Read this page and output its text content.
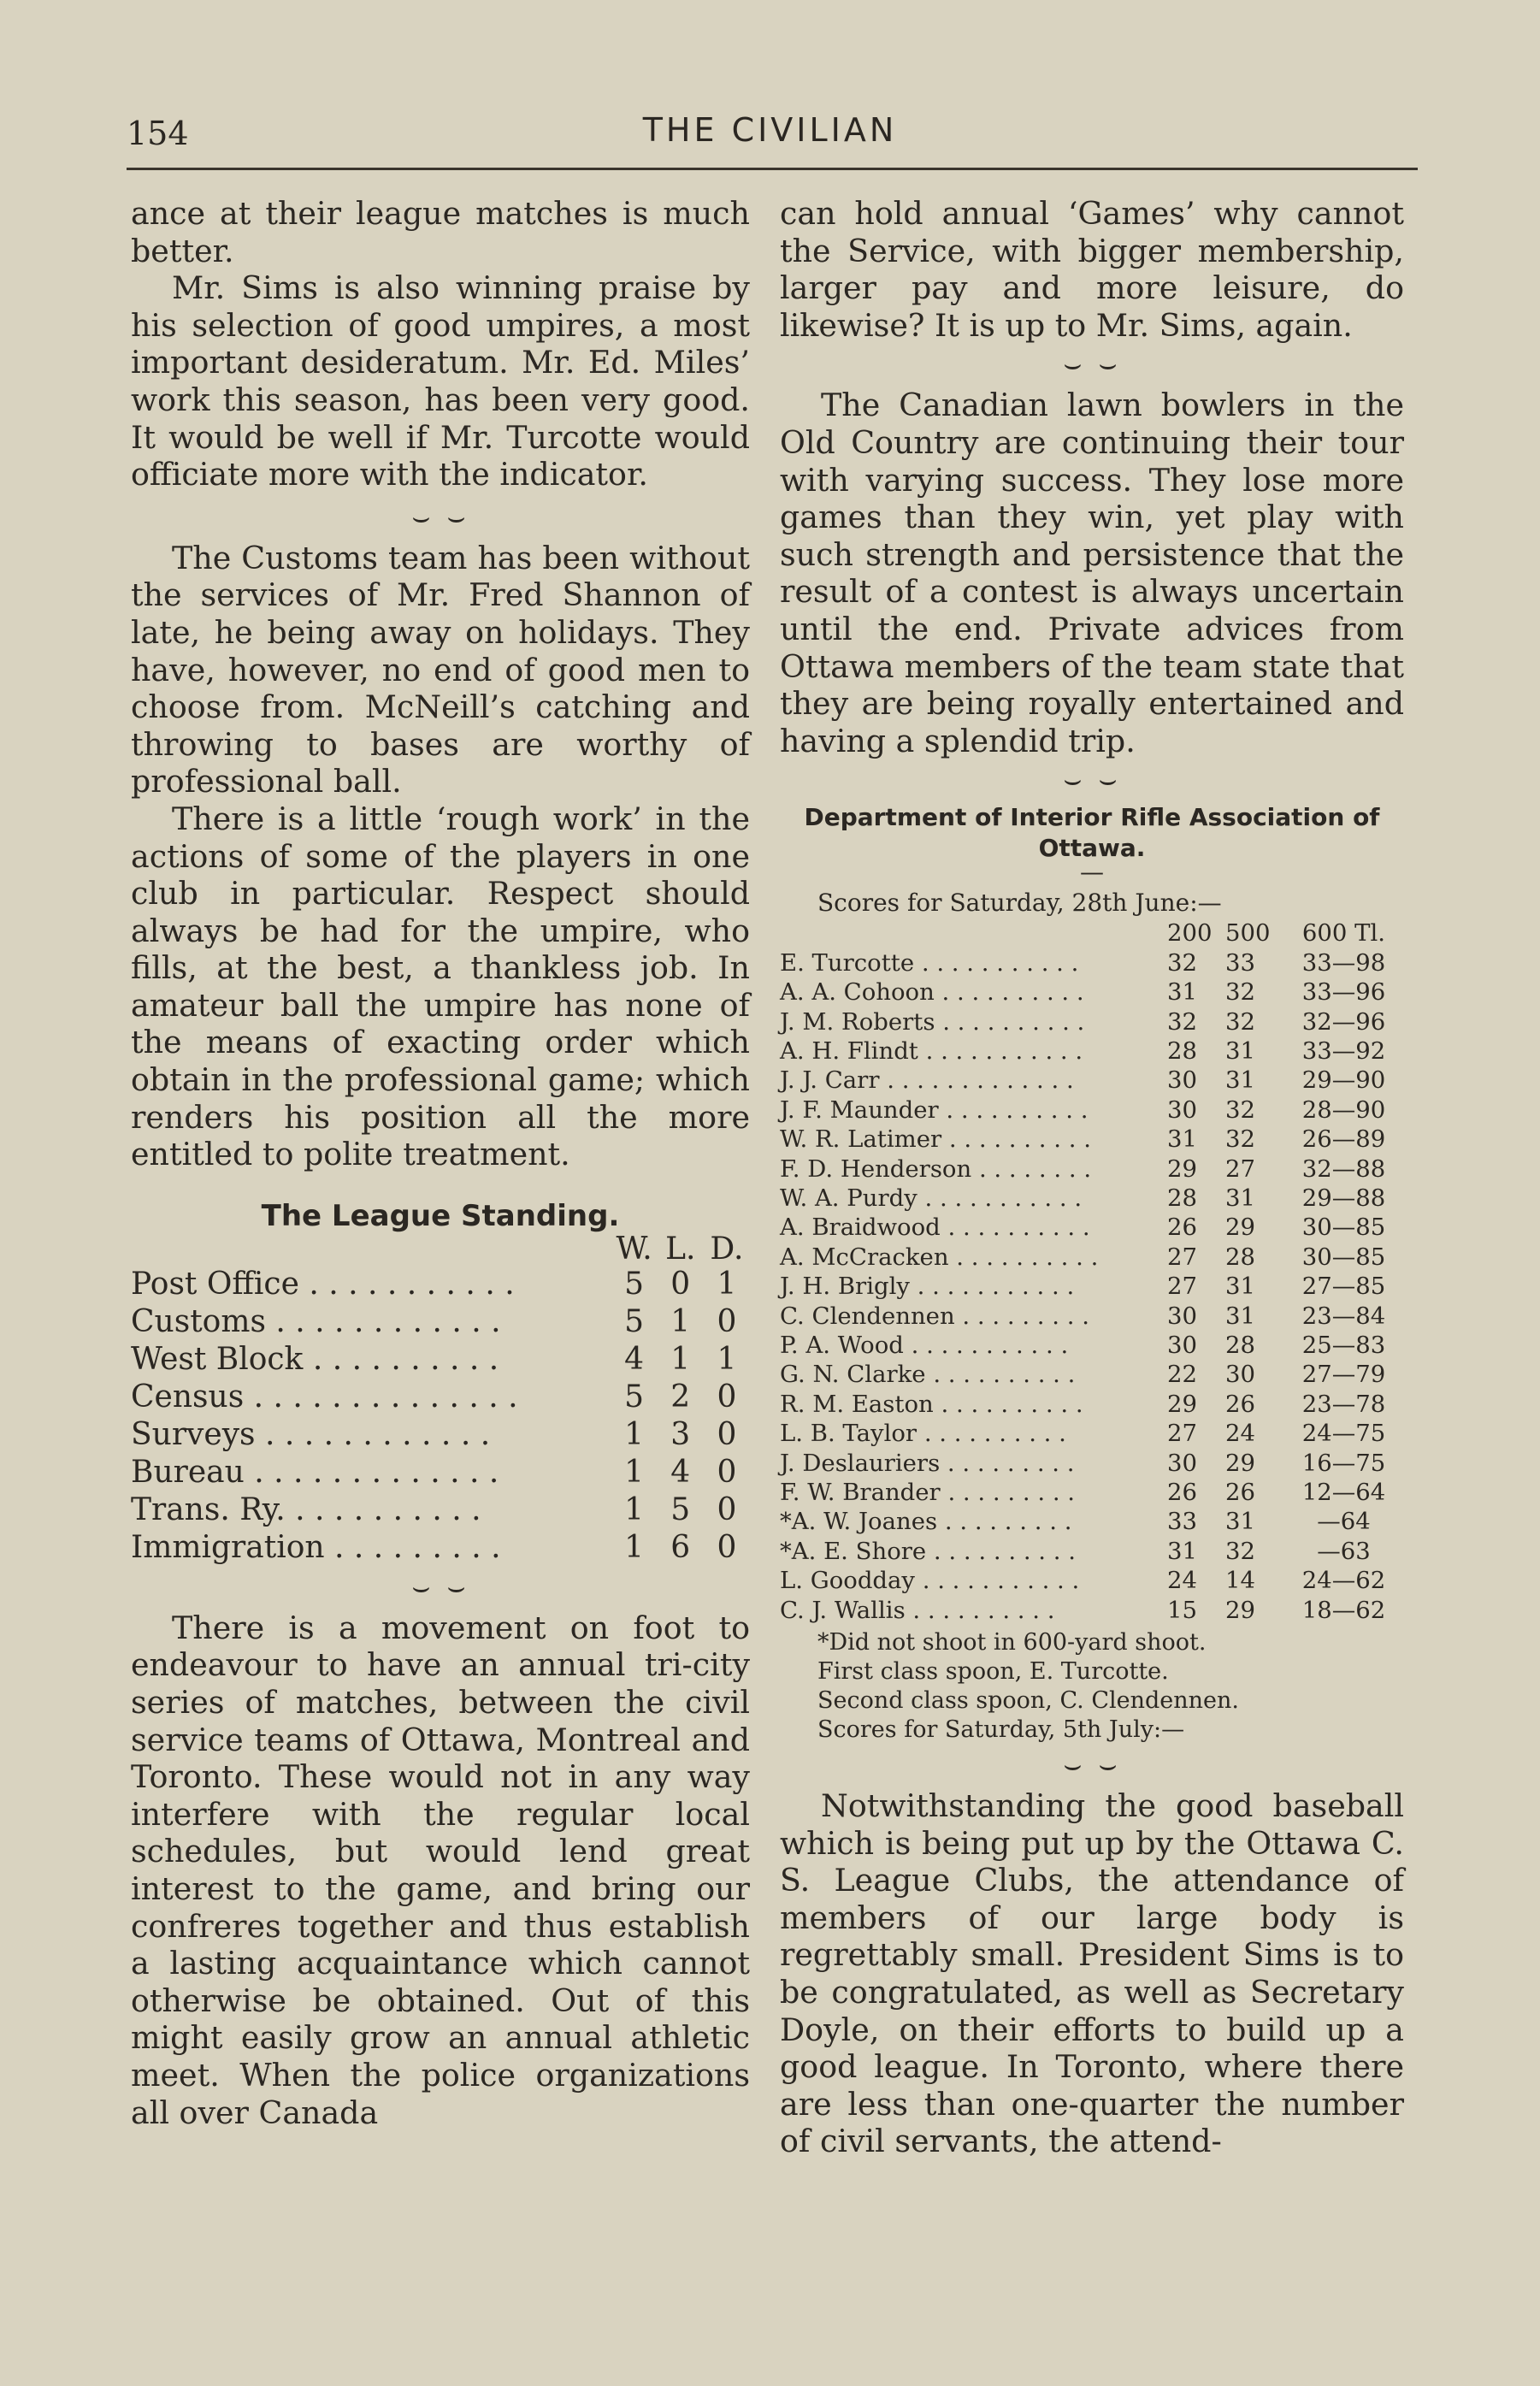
154	THE CIVILIAN

ance at their league matches is much better.

Mr. Sims is also winning praise by his selection of good umpires, a most important desideratum. Mr. Ed. Miles’ work this season, has been very good. It would be well if Mr. Turcotte would officiate more with the indicator.

⌣ ⌣

The Customs team has been without the services of Mr. Fred Shannon of late, he being away on holidays. They have, however, no end of good men to choose from. McNeill’s catching and throwing to bases are worthy of professional ball.

There is a little ‘rough work’ in the actions of some of the players in one club in particular. Respect should always be had for the umpire, who fills, at the best, a thankless job. In amateur ball the umpire has none of the means of exacting order which obtain in the professional game; which renders his position all the more entitled to polite treatment.

The League Standing.
	W.	L.	D.
Post Office . . . . . . . . . . .	5	0	1
Customs . . . . . . . . . . . .	5	1	0
West Block . . . . . . . . . .	4	1	1
Census . . . . . . . . . . . . . .	5	2	0
Surveys . . . . . . . . . . . .	1	3	0
Bureau . . . . . . . . . . . . .	1	4	0
Trans. Ry. . . . . . . . . . .	1	5	0
Immigration . . . . . . . . .	1	6	0
⌣ ⌣

There is a movement on foot to endeavour to have an annual tri-city series of matches, between the civil service teams of Ottawa, Montreal and Toronto. These would not in any way interfere with the regular local schedules, but would lend great interest to the game, and bring our confreres together and thus establish a lasting acquaintance which cannot otherwise be obtained. Out of this might easily grow an annual athletic meet. When the police organizations all over Canada

can hold annual ‘Games’ why cannot the Service, with bigger membership, larger pay and more leisure, do likewise? It is up to Mr. Sims, again.

⌣ ⌣

The Canadian lawn bowlers in the Old Country are continuing their tour with varying success. They lose more games than they win, yet play with such strength and persistence that the result of a contest is always uncertain until the end. Private advices from Ottawa members of the team state that they are being royally entertained and having a splendid trip.

⌣ ⌣
Department of Interior Rifle Association of Ottawa.
—
Scores for Saturday, 28th June:—
	200	500	600 Tl.
E. Turcotte . . . . . . . . . . .	32	33	33—98
A. A. Cohoon . . . . . . . . . .	31	32	33—96
J. M. Roberts . . . . . . . . . .	32	32	32—96
A. H. Flindt . . . . . . . . . . .	28	31	33—92
J. J. Carr . . . . . . . . . . . . .	30	31	29—90
J. F. Maunder . . . . . . . . . .	30	32	28—90
W. R. Latimer . . . . . . . . . .	31	32	26—89
F. D. Henderson . . . . . . . .	29	27	32—88
W. A. Purdy . . . . . . . . . . .	28	31	29—88
A. Braidwood . . . . . . . . . .	26	29	30—85
A. McCracken . . . . . . . . . .	27	28	30—85
J. H. Brigly . . . . . . . . . . .	27	31	27—85
C. Clendennen . . . . . . . . .	30	31	23—84
P. A. Wood . . . . . . . . . . .	30	28	25—83
G. N. Clarke . . . . . . . . . .	22	30	27—79
R. M. Easton . . . . . . . . . .	29	26	23—78
L. B. Taylor . . . . . . . . . .	27	24	24—75
J. Deslauriers . . . . . . . . .	30	29	16—75
F. W. Brander . . . . . . . . .	26	26	12—64
*A. W. Joanes . . . . . . . . .	33	31	—64
*A. E. Shore . . . . . . . . . .	31	32	—63
L. Goodday . . . . . . . . . . .	24	14	24—62
C. J. Wallis . . . . . . . . . .	15	29	18—62
*Did not shoot in 600-yard shoot.
First class spoon, E. Turcotte.
Second class spoon, C. Clendennen.
Scores for Saturday, 5th July:—
⌣ ⌣

Notwithstanding the good baseball which is being put up by the Ottawa C. S. League Clubs, the attendance of members of our large body is regrettably small. President Sims is to be congratulated, as well as Secretary Doyle, on their efforts to build up a good league. In Toronto, where there are less than one-quarter the number of civil servants, the attend-
